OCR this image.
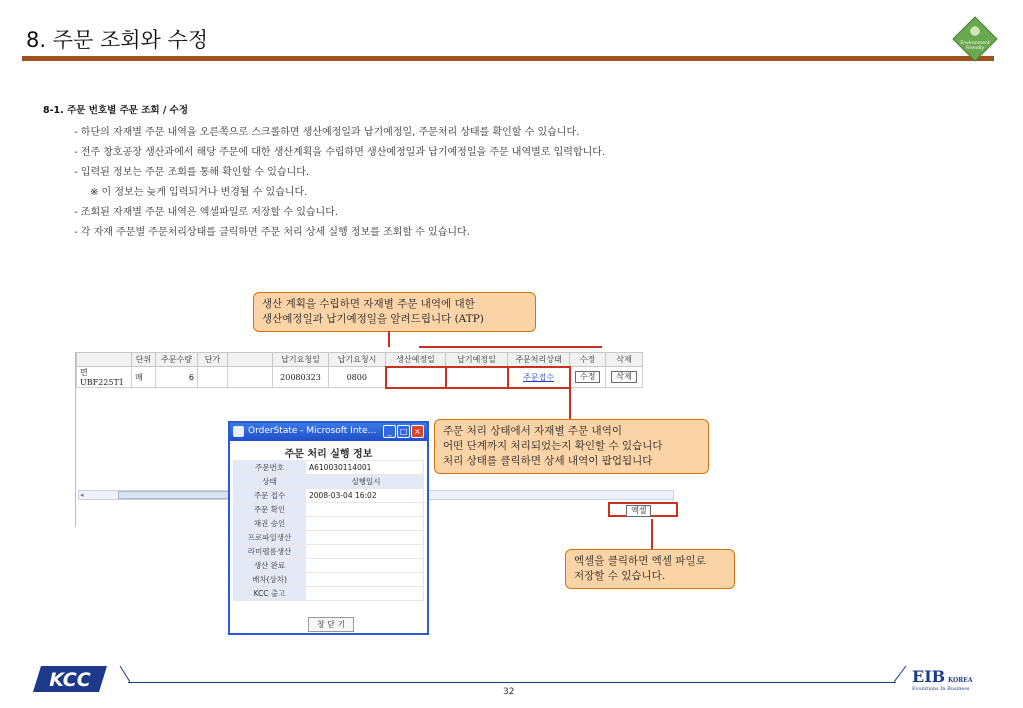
8. 주문 조회와 수정	Environment
Friendly
8-1. 주문 번호별 주문 조회 / 수정
- 하단의 자재별 주문 내역을 오른쪽으로 스크롤하면 생산예정일과 납기예정일, 주문처리 상태를 확인할 수 있습니다.
- 전주 창호공장 생산과에서 해당 주문에 대한 생산계획을 수립하면 생산예정일과 납기예정일을 주문 내역별로 입력합니다.
- 입력된 정보는 주문 조회를 통해 확인할 수 있습니다.
※ 이 정보는 늦게 입력되거나 변경될 수 있습니다.
- 조회된 자재별 주문 내역은 엑셀파일로 저장할 수 있습니다.
- 각 자재 주문별 주문처리상태를 클릭하면 주문 처리 상세 실행 정보를 조회할 수 있습니다.
생산 계획을 수립하면 자재별 주문 내역에 대한
생산예정일과 납기예정일을 알려드립니다 (ATP)
	단위	주문수량	단가		납기요청일	납기요청시	생산예정일	납기예정일	주문처리상태	수정	삭제
면 UBF225T1	매	6			20080323	0800			주문접수	수정	삭제
◂
엑셀
주문 처리 상태에서 자재별 주문 내역이
어떤 단계까지 처리되었는지 확인할 수 있습니다
처리 상태를 클릭하면 상세 내역이 팝업됩니다
엑셀을 클릭하면 엑셀 파일로
저장할 수 있습니다.
OrderState - Microsoft Inte...	_	□ ×
주문 처리 실행 정보
주문번호	A610030114001
상태	실행일시
주문 접수	2008-03-04 16:02
주문 확인	
채권 승인	
프로파일생산	
라미펠름생산	
생산 완료	
배차(상차)	
KCC 출고	
창 닫 기
KCC	EIB KOREA
Evolutions In Business
32
